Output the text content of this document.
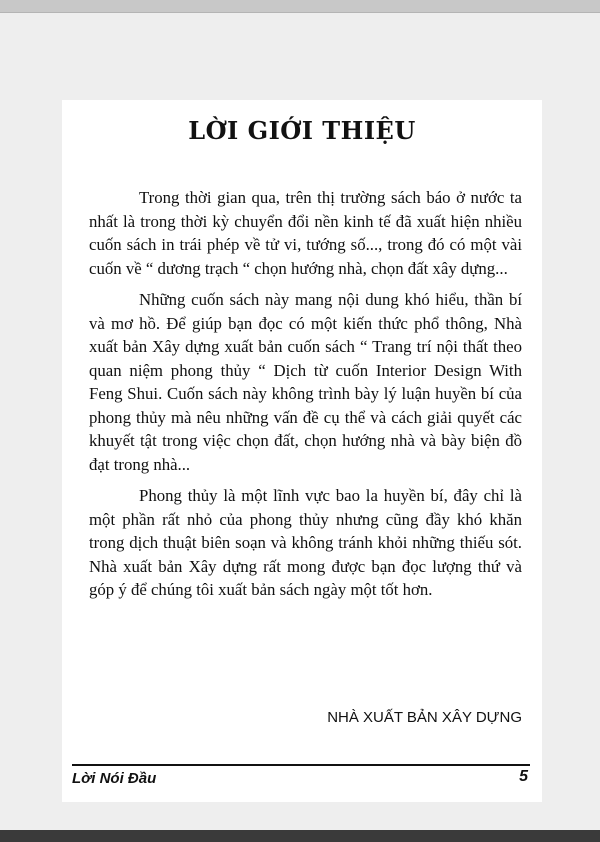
LỜI GIỚI THIỆU

Trong thời gian qua, trên thị trường sách báo ở nước ta nhất là trong thời kỳ chuyển đổi nền kinh tế đã xuất hiện nhiều cuốn sách in trái phép về tử vi, tướng số..., trong đó có một vài cuốn về “ dương trạch “ chọn hướng nhà, chọn đất xây dựng...

Những cuốn sách này mang nội dung khó hiểu, thần bí và mơ hồ. Để giúp bạn đọc có một kiến thức phổ thông, Nhà xuất bản Xây dựng xuất bản cuốn sách “ Trang trí nội thất theo quan niệm phong thủy “ Dịch từ cuốn Interior Design With Feng Shui. Cuốn sách này không trình bày lý luận huyền bí của phong thủy mà nêu những vấn đề cụ thể và cách giải quyết các khuyết tật trong việc chọn đất, chọn hướng nhà và bày biện đồ đạt trong nhà...

Phong thủy là một lĩnh vực bao la huyền bí, đây chỉ là một phần rất nhỏ của phong thủy nhưng cũng đầy khó khăn trong dịch thuật biên soạn và không tránh khỏi những thiếu sót. Nhà xuất bản Xây dựng rất mong được bạn đọc lượng thứ và góp ý để chúng tôi xuất bản sách ngày một tốt hơn.

NHÀ XUẤT BẢN XÂY DỰNG
Lời Nói Đầu	5
